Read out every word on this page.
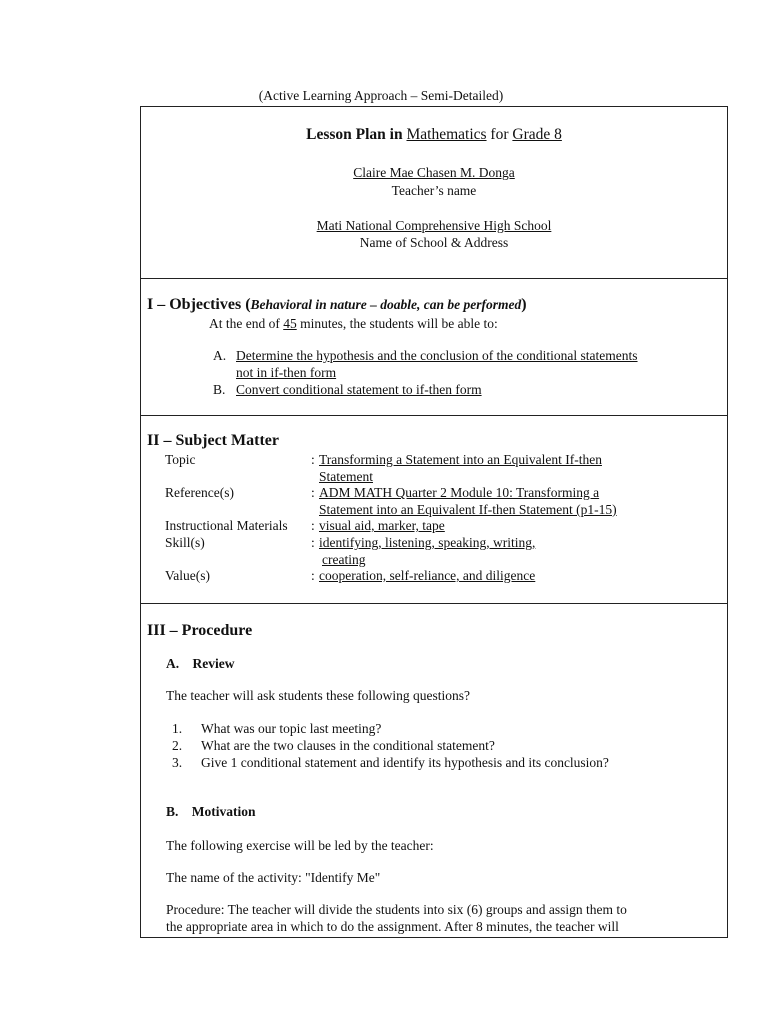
(Active Learning Approach – Semi-Detailed)
Lesson Plan in Mathematics for Grade 8
Claire Mae Chasen M. Donga
Teacher’s name
Mati National Comprehensive High School
Name of School & Address
I – Objectives (Behavioral in nature – doable, can be performed)
At the end of 45 minutes, the students will be able to:
A. Determine the hypothesis and the conclusion of the conditional statements
not in if-then form
B. Convert conditional statement to if-then form
II – Subject Matter
Topic	: Transforming a Statement into an Equivalent If-then
Statement
Reference(s)	: ADM MATH Quarter 2 Module 10: Transforming a
Statement into an Equivalent If-then Statement (p1-15)
Instructional Materials	: visual aid, marker, tape
Skill(s)	: identifying, listening, speaking, writing,
creating
Value(s)	: cooperation, self-reliance, and diligence
III – Procedure
A. Review
The teacher will ask students these following questions?
1. What was our topic last meeting?
2. What are the two clauses in the conditional statement?
3. Give 1 conditional statement and identify its hypothesis and its conclusion?
B. Motivation
The following exercise will be led by the teacher:
The name of the activity: "Identify Me"
Procedure: The teacher will divide the students into six (6) groups and assign them to
the appropriate area in which to do the assignment. After 8 minutes, the teacher will
